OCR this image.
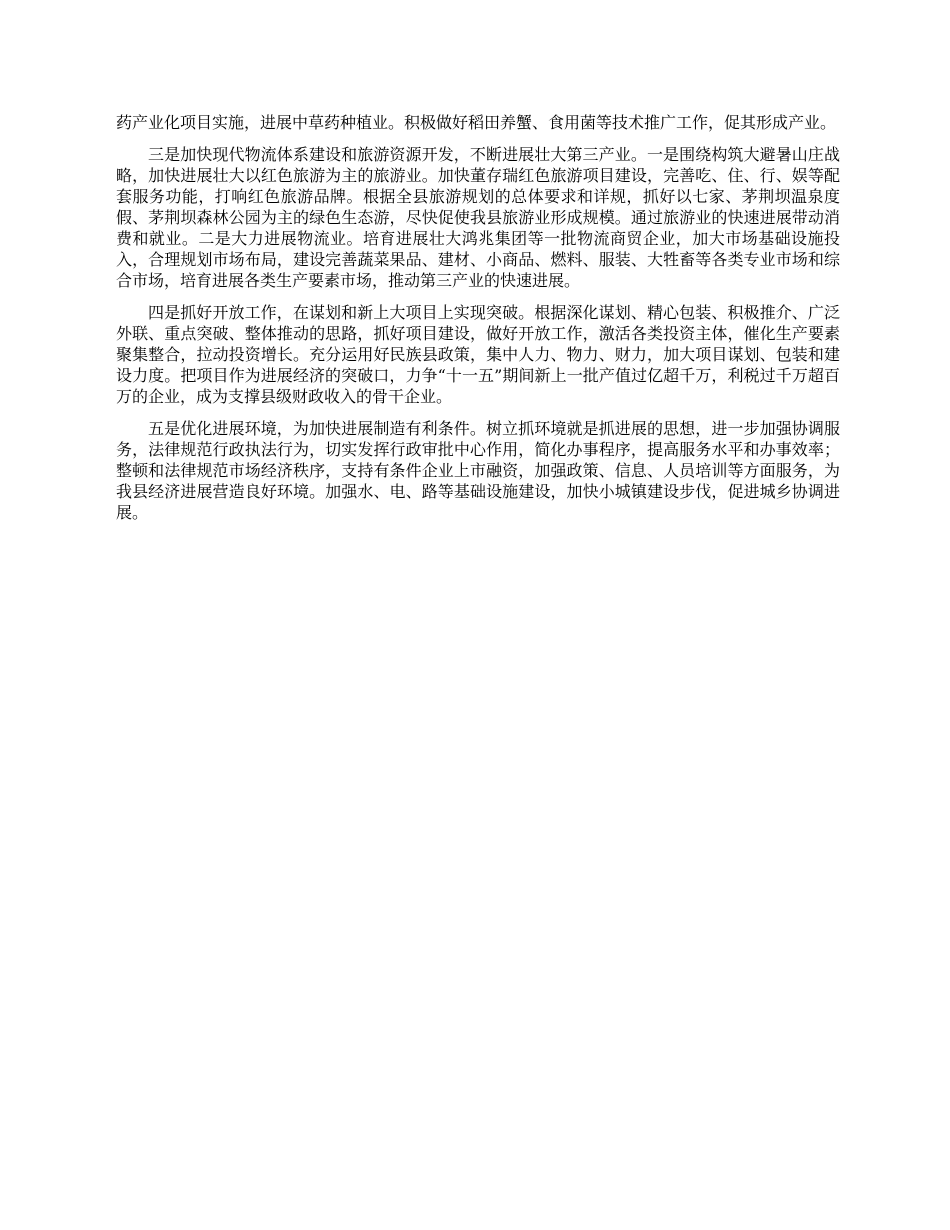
药产业化项目实施，进展中草药种植业。积极做好稻田养蟹、食用菌等技术推广工作，促其形成产业。

三是加快现代物流体系建设和旅游资源开发，不断进展壮大第三产业。一是围绕构筑大避暑山庄战略，加快进展壮大以红色旅游为主的旅游业。加快董存瑞红色旅游项目建设，完善吃、住、行、娱等配套服务功能，打响红色旅游品牌。根据全县旅游规划的总体要求和详规，抓好以七家、茅荆坝温泉度假、茅荆坝森林公园为主的绿色生态游，尽快促使我县旅游业形成规模。通过旅游业的快速进展带动消费和就业。二是大力进展物流业。培育进展壮大鸿兆集团等一批物流商贸企业，加大市场基础设施投入，合理规划市场布局，建设完善蔬菜果品、建材、小商品、燃料、服装、大牲畜等各类专业市场和综合市场，培育进展各类生产要素市场，推动第三产业的快速进展。

四是抓好开放工作，在谋划和新上大项目上实现突破。根据深化谋划、精心包装、积极推介、广泛外联、重点突破、整体推动的思路，抓好项目建设，做好开放工作，激活各类投资主体，催化生产要素聚集整合，拉动投资增长。充分运用好民族县政策，集中人力、物力、财力，加大项目谋划、包装和建设力度。把项目作为进展经济的突破口，力争“十一五”期间新上一批产值过亿超千万，利税过千万超百万的企业，成为支撑县级财政收入的骨干企业。

五是优化进展环境，为加快进展制造有利条件。树立抓环境就是抓进展的思想，进一步加强协调服务，法律规范行政执法行为，切实发挥行政审批中心作用，简化办事程序，提高服务水平和办事效率；整顿和法律规范市场经济秩序，支持有条件企业上市融资，加强政策、信息、人员培训等方面服务，为我县经济进展营造良好环境。加强水、电、路等基础设施建设，加快小城镇建设步伐，促进城乡协调进展。
